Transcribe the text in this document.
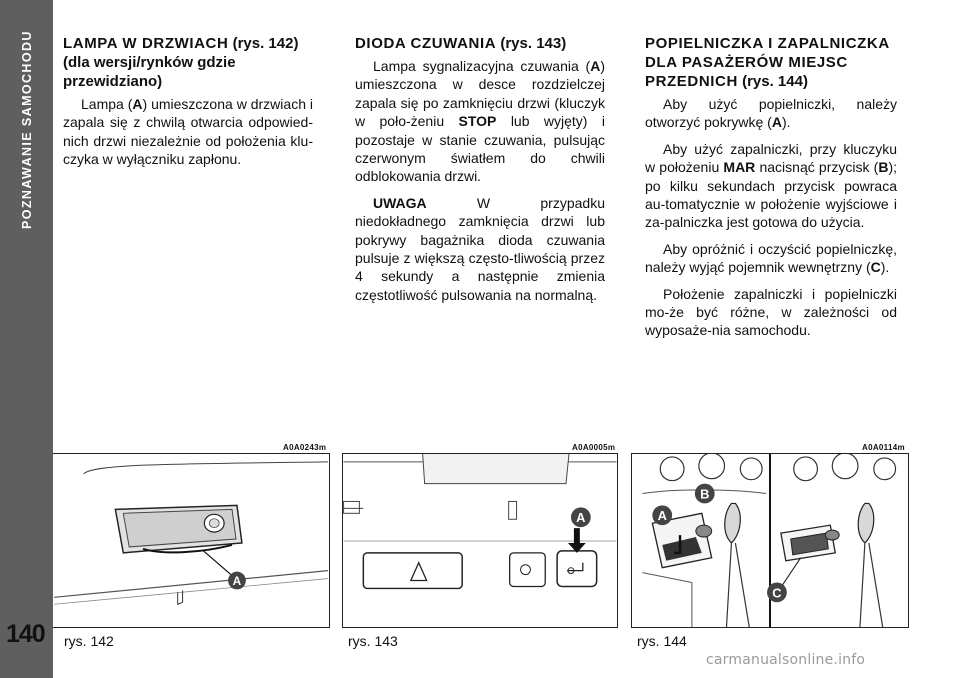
POZNAWANIE SAMOCHODU
140
LAMPA W DRZWIACH (rys. 142)
(dla wersji/rynków gdzie przewidziano)

Lampa (A) umieszczona w drzwiach i zapala się z chwilą otwarcia odpowied-nich drzwi niezależnie od położenia klu-czyka w wyłączniku zapłonu.

DIODA CZUWANIA (rys. 143)

Lampa sygnalizacyjna czuwania (A) umieszczona w desce rozdzielczej zapala się po zamknięciu drzwi (kluczyk w poło-żeniu STOP lub wyjęty) i pozostaje w stanie czuwania, pulsując czerwonym światłem do chwili odblokowania drzwi.

UWAGA W przypadku niedokładnego zamknięcia drzwi lub pokrywy bagażnika dioda czuwania pulsuje z większą często-tliwością przez 4 sekundy a następnie zmienia częstotliwość pulsowania na normalną.

POPIELNICZKA I ZAPALNICZKA DLA PASAŻERÓW MIEJSC PRZEDNICH (rys. 144)

Aby użyć popielniczki, należy otworzyć pokrywkę (A).

Aby użyć zapalniczki, przy kluczyku w położeniu MAR nacisnąć przycisk (B); po kilku sekundach przycisk powraca au-tomatycznie w położenie wyjściowe i za-palniczka jest gotowa do użycia.

Aby opróżnić i oczyścić popielniczkę, należy wyjąć pojemnik wewnętrzny (C).

Położenie zapalniczki i popielniczki mo-że być różne, w zależności od wyposaże-nia samochodu.

A0A0243m	A0A0005m	A0A0114m
A
rys. 142
A
rys. 143
A
B
C
rys. 144
carmanualsonline.info
